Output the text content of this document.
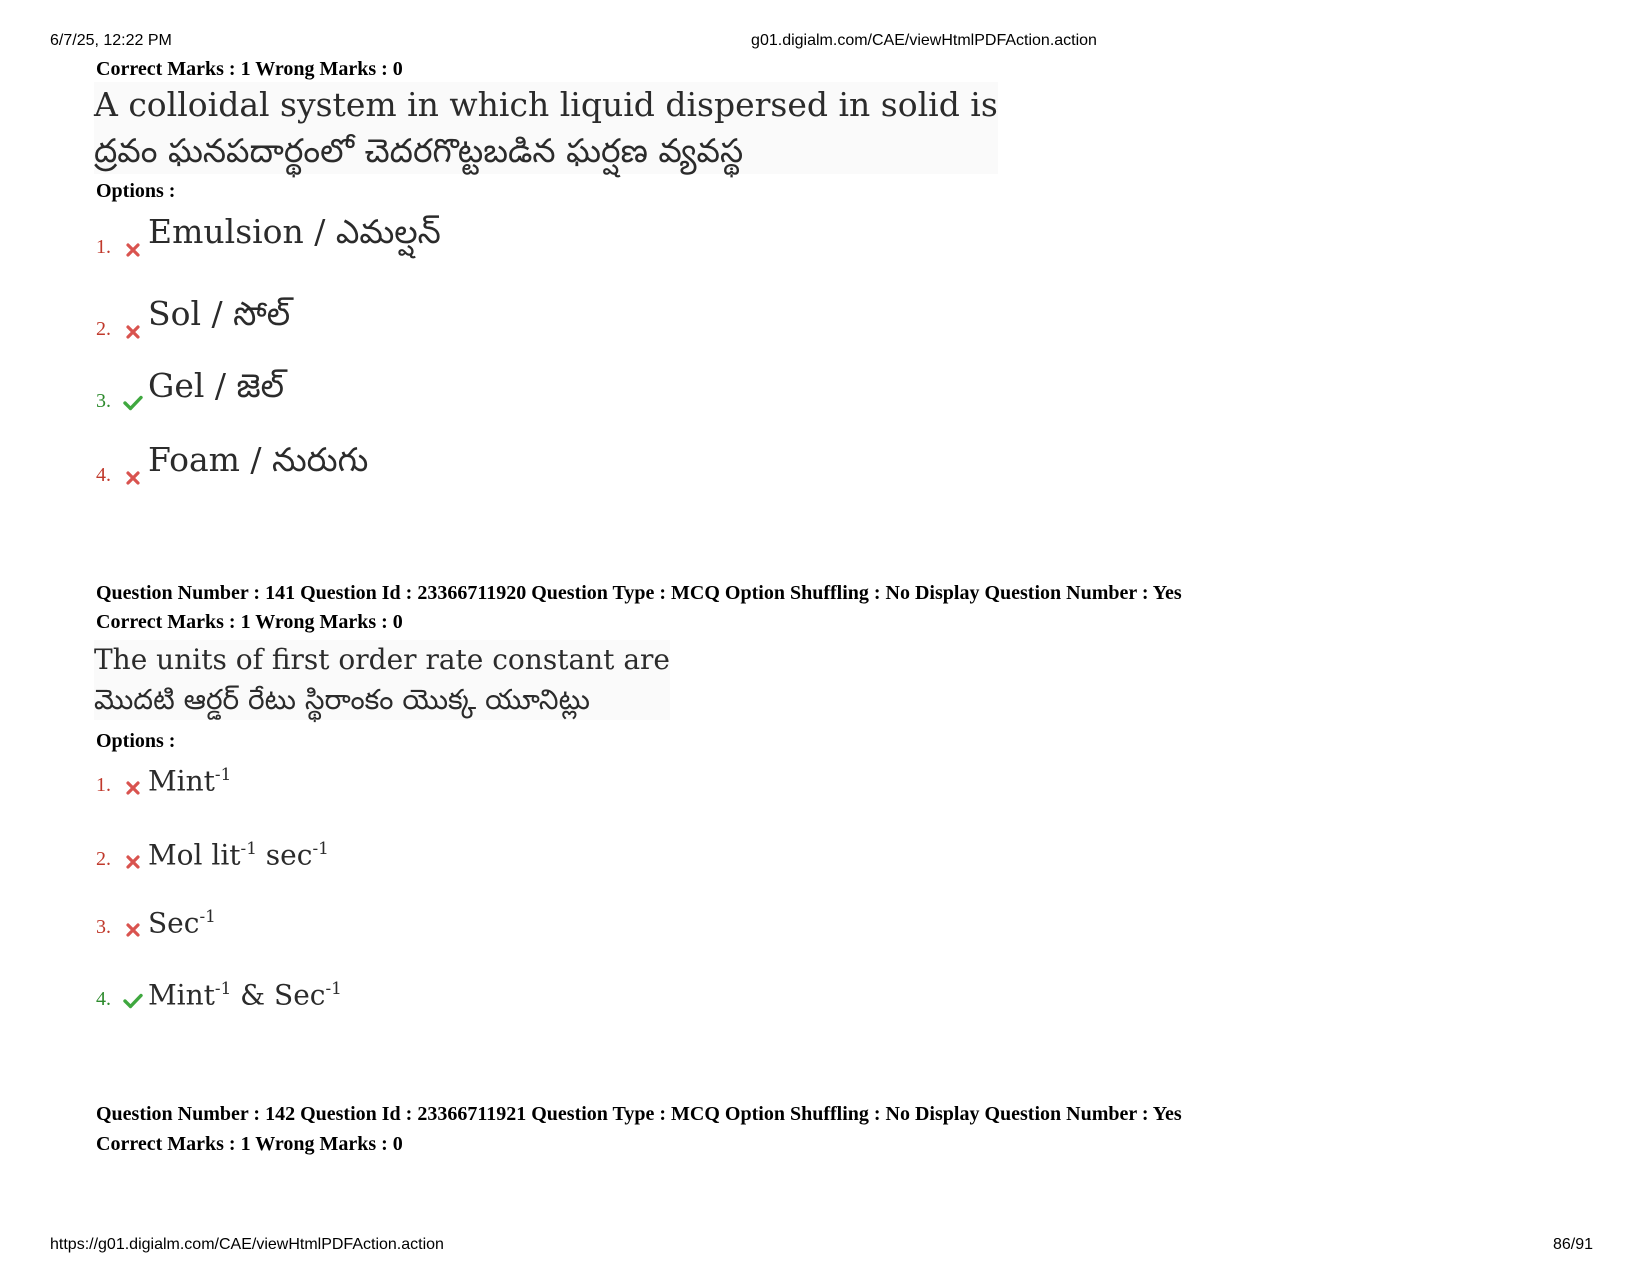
6/7/25, 12:22 PM	g01.digialm.com/CAE/viewHtmlPDFAction.action
https://g01.digialm.com/CAE/viewHtmlPDFAction.action	86/91
Correct Marks : 1 Wrong Marks : 0
A colloidal system in which liquid dispersed in solid is
ద్రవం ఘనపదార్థంలో చెదరగొట్టబడిన ఘర్షణ వ్యవస్థ
Options :
1. Emulsion / ఎమల్షన్
2. Sol / సోల్
3. Gel / జెల్
4. Foam / నురుగు
Question Number : 141 Question Id : 23366711920 Question Type : MCQ Option Shuffling : No Display Question Number : Yes
Correct Marks : 1 Wrong Marks : 0
The units of first order rate constant are
మొదటి ఆర్డర్ రేటు స్థిరాంకం యొక్క యూనిట్లు
Options :
1.	Mint$^{-1}$
2.	Mol lit$^{-1}$ $\sec^{-1}$
3.	Sec$^{-1}$
4.	Mint$^{-1}$ & Sec$^{-1}$
Question Number : 142 Question Id : 23366711921 Question Type : MCQ Option Shuffling : No Display Question Number : Yes
Correct Marks : 1 Wrong Marks : 0
